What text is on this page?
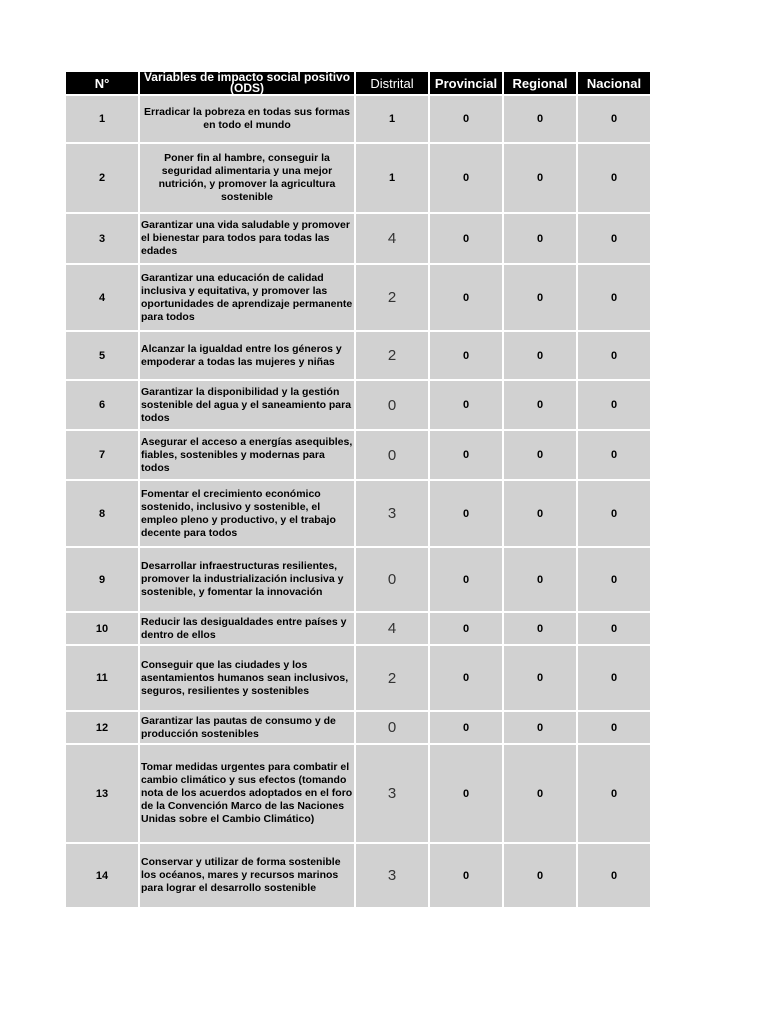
N°	Variables de impacto social positivo (ODS)	Distrital	Provincial	Regional	Nacional
1	Erradicar la pobreza en todas sus formas en todo el mundo	1	0	0	0
2	Poner fin al hambre, conseguir la seguridad alimentaria y una mejor nutrición, y promover la agricultura sostenible	1	0	0	0
3	Garantizar una vida saludable y promover el bienestar para todos para todas las edades	4	0	0	0
4	Garantizar una educación de calidad inclusiva y equitativa, y promover las oportunidades de aprendizaje permanente para todos	2	0	0	0
5	Alcanzar la igualdad entre los géneros y empoderar a todas las mujeres y niñas	2	0	0	0
6	Garantizar la disponibilidad y la gestión sostenible del agua y el saneamiento para todos	0	0	0	0
7	Asegurar el acceso a energías asequibles, fiables, sostenibles y modernas para todos	0	0	0	0
8	Fomentar el crecimiento económico sostenido, inclusivo y sostenible, el empleo pleno y productivo, y el trabajo decente para todos	3	0	0	0
9	Desarrollar infraestructuras resilientes, promover la industrialización inclusiva y sostenible, y fomentar la innovación	0	0	0	0
10	Reducir las desigualdades entre países y dentro de ellos	4	0	0	0
11	Conseguir que las ciudades y los asentamientos humanos sean inclusivos, seguros, resilientes y sostenibles	2	0	0	0
12	Garantizar las pautas de consumo y de producción sostenibles	0	0	0	0
13	Tomar medidas urgentes para combatir el cambio climático y sus efectos (tomando nota de los acuerdos adoptados en el foro de la Convención Marco de las Naciones Unidas sobre el Cambio Climático)	3	0	0	0
14	Conservar y utilizar de forma sostenible los océanos, mares y recursos marinos para lograr el desarrollo sostenible	3	0	0	0
